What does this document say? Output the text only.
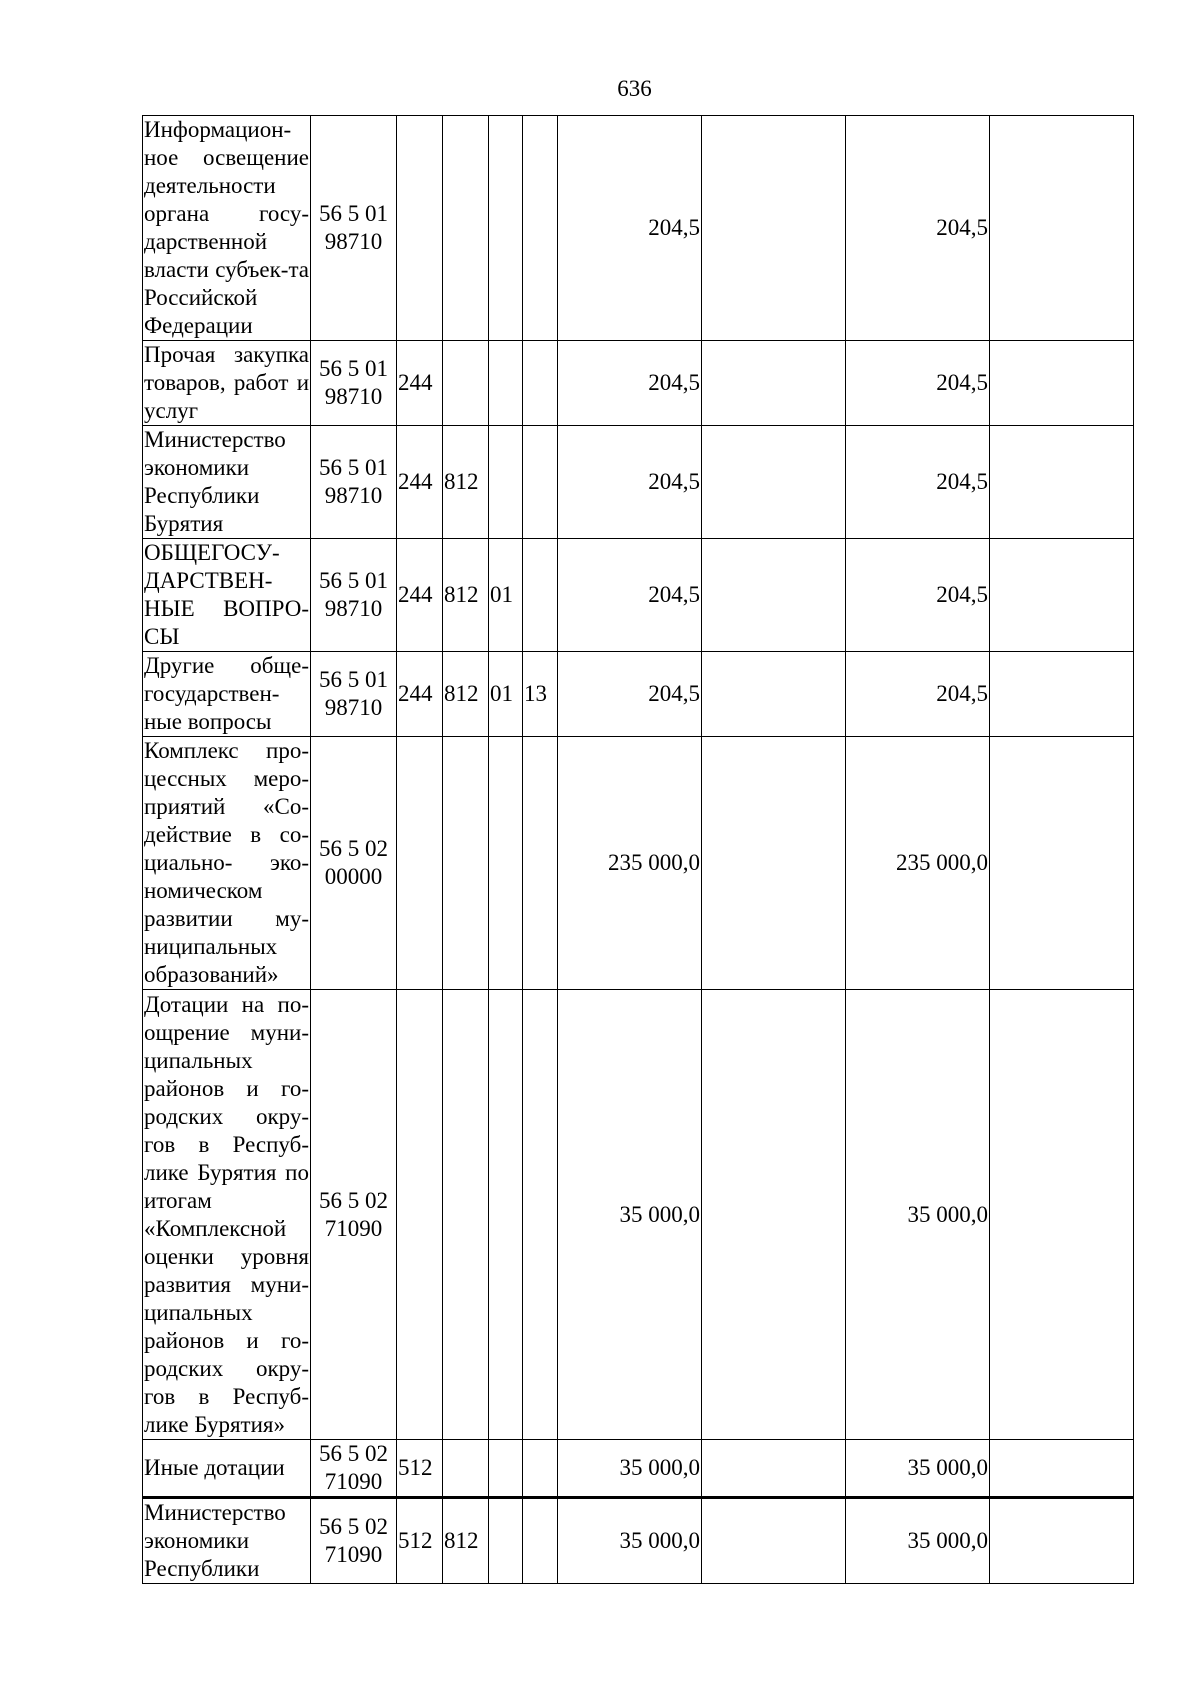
636
Информацион-ное освещение деятельности органа госу-дарственной власти субъек-та Российской Федерации	56 5 01 98710					204,5		204,5	
Прочая закупка товаров, работ и услуг	56 5 01 98710	244				204,5		204,5	
Министерство экономики Республики Бурятия	56 5 01 98710	244	812			204,5		204,5	
ОБЩЕГОСУ-ДАРСТВЕН-НЫЕ ВОПРО-СЫ	56 5 01 98710	244	812	01		204,5		204,5	
Другие обще-государствен-ные вопросы	56 5 01 98710	244	812	01	13	204,5		204,5	
Комплекс про-цессных меро-приятий «Со-действие в со-циально- эко-номическом развитии му-ниципальных образований»	56 5 02 00000					235 000,0		235 000,0	
Дотации на по-ощрение муни-ципальных районов и го-родских окру-гов в Респуб-лике Бурятия по итогам «Комплексной оценки уровня развития муни-ципальных районов и го-родских окру-гов в Респуб-лике Бурятия»	56 5 02 71090					35 000,0		35 000,0	
Иные дотации	56 5 02 71090	512				35 000,0		35 000,0	
Министерство экономики Республики	56 5 02 71090	512	812			35 000,0		35 000,0	
